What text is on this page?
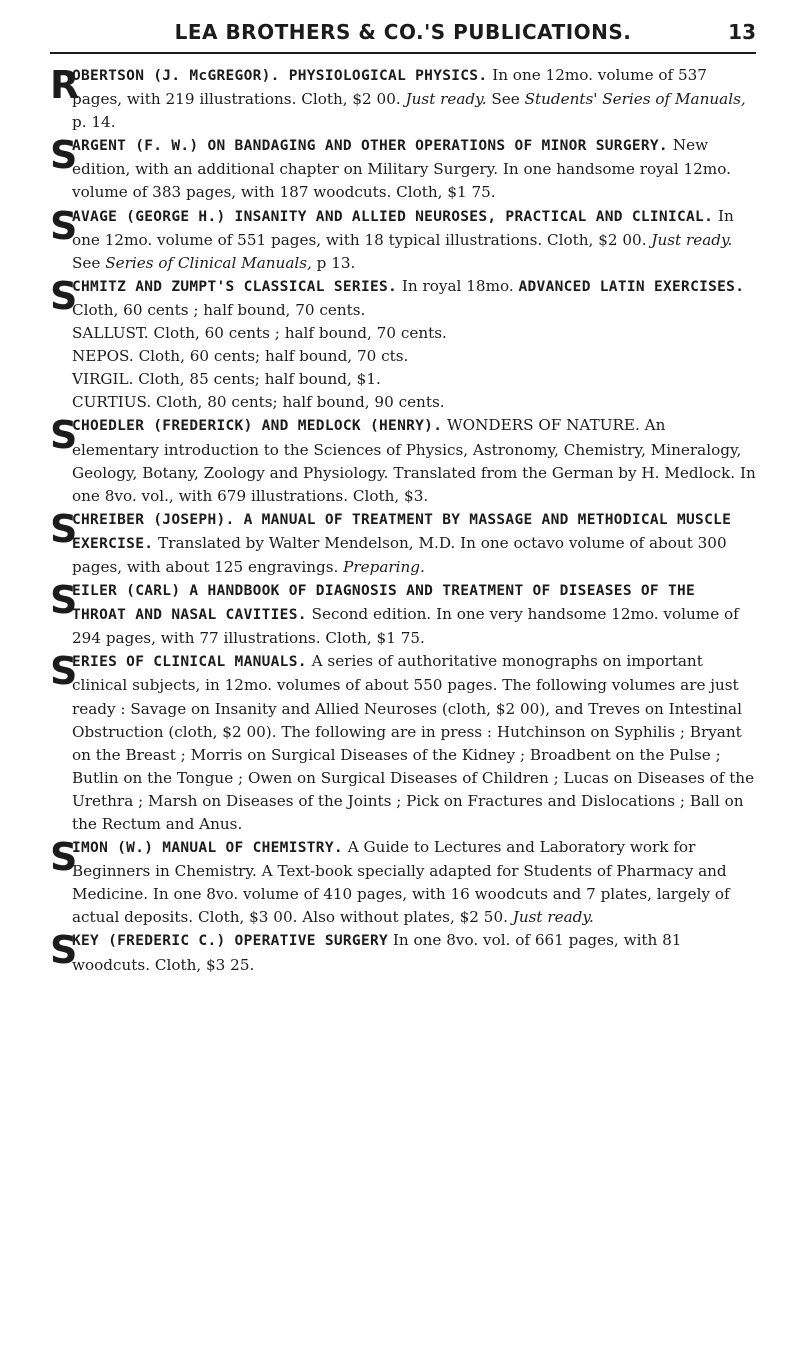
LEA BROTHERS & CO.'S PUBLICATIONS.	13
R
OBERTSON (J. McGREGOR). PHYSIOLOGICAL PHYSICS. In one 12mo. volume of 537 pages, with 219 illustrations. Cloth, $2 00. Just ready. See Students' Series of Manuals, p. 14.
S
ARGENT (F. W.) ON BANDAGING AND OTHER OPERATIONS OF MINOR SURGERY. New edition, with an additional chapter on Military Surgery. In one handsome royal 12mo. volume of 383 pages, with 187 woodcuts. Cloth, $1 75.
S
AVAGE (GEORGE H.) INSANITY AND ALLIED NEUROSES, PRACTICAL AND CLINICAL. In one 12mo. volume of 551 pages, with 18 typical illustrations. Cloth, $2 00. Just ready. See Series of Clinical Manuals, p 13.
S
CHMITZ AND ZUMPT'S CLASSICAL SERIES. In royal 18mo. ADVANCED LATIN EXERCISES. Cloth, 60 cents ; half bound, 70 cents.
SALLUST. Cloth, 60 cents ; half bound, 70 cents.
NEPOS. Cloth, 60 cents; half bound, 70 cts.
VIRGIL. Cloth, 85 cents; half bound, $1.
CURTIUS. Cloth, 80 cents; half bound, 90 cents.
S
CHOEDLER (FREDERICK) AND MEDLOCK (HENRY). WONDERS OF NATURE. An elementary introduction to the Sciences of Physics, Astronomy, Chemistry, Mineralogy, Geology, Botany, Zoology and Physiology. Translated from the German by H. Medlock. In one 8vo. vol., with 679 illustrations. Cloth, $3.
S
CHREIBER (JOSEPH). A MANUAL OF TREATMENT BY MASSAGE AND METHODICAL MUSCLE EXERCISE. Translated by Walter Mendelson, M.D. In one octavo volume of about 300 pages, with about 125 engravings. Preparing.
S
EILER (CARL) A HANDBOOK OF DIAGNOSIS AND TREATMENT OF DISEASES OF THE THROAT AND NASAL CAVITIES. Second edition. In one very handsome 12mo. volume of 294 pages, with 77 illustrations. Cloth, $1 75.
S
ERIES OF CLINICAL MANUALS. A series of authoritative monographs on important clinical subjects, in 12mo. volumes of about 550 pages. The following volumes are just ready : Savage on Insanity and Allied Neuroses (cloth, $2 00), and Treves on Intestinal Obstruction (cloth, $2 00). The following are in press : Hutchinson on Syphilis ; Bryant on the Breast ; Morris on Surgical Diseases of the Kidney ; Broadbent on the Pulse ; Butlin on the Tongue ; Owen on Surgical Diseases of Children ; Lucas on Diseases of the Urethra ; Marsh on Diseases of the Joints ; Pick on Fractures and Dislocations ; Ball on the Rectum and Anus.
S
IMON (W.) MANUAL OF CHEMISTRY. A Guide to Lectures and Laboratory work for Beginners in Chemistry. A Text-book specially adapted for Students of Pharmacy and Medicine. In one 8vo. volume of 410 pages, with 16 woodcuts and 7 plates, largely of actual deposits. Cloth, $3 00. Also without plates, $2 50. Just ready.
S
KEY (FREDERIC C.) OPERATIVE SURGERY In one 8vo. vol. of 661 pages, with 81 woodcuts. Cloth, $3 25.
